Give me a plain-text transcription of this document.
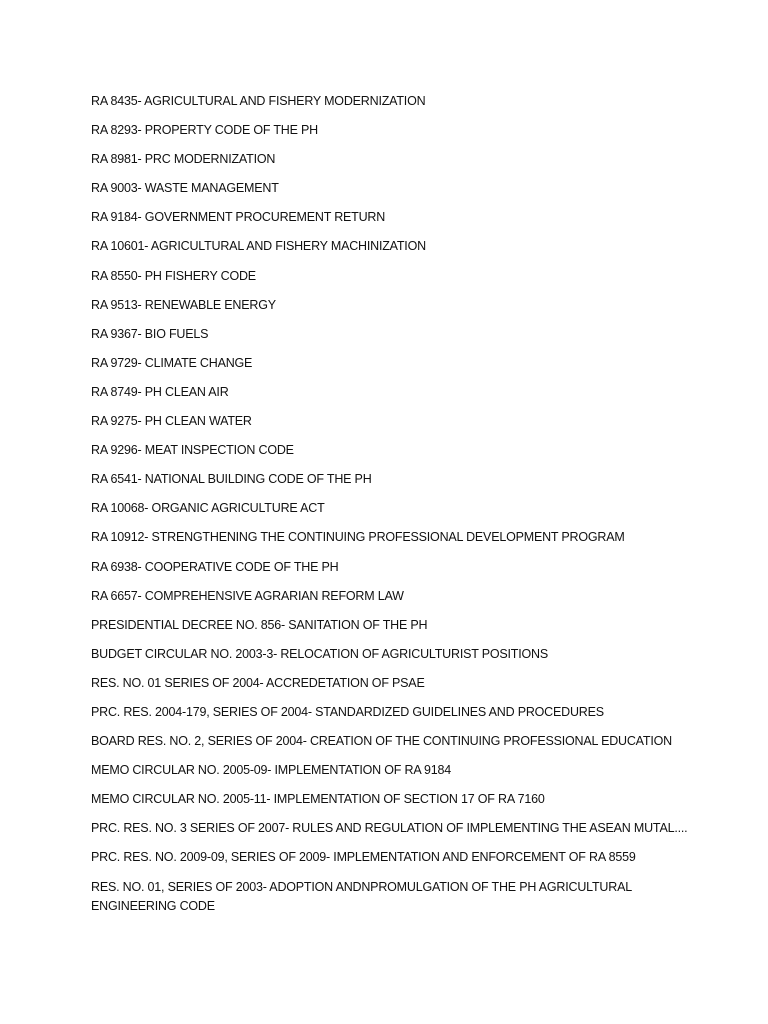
RA 8435- AGRICULTURAL AND FISHERY MODERNIZATION
RA 8293- PROPERTY CODE OF THE PH
RA 8981- PRC MODERNIZATION
RA 9003- WASTE MANAGEMENT
RA 9184- GOVERNMENT PROCUREMENT RETURN
RA 10601- AGRICULTURAL AND FISHERY MACHINIZATION
RA 8550- PH FISHERY CODE
RA 9513- RENEWABLE ENERGY
RA 9367- BIO FUELS
RA 9729- CLIMATE CHANGE
RA 8749- PH CLEAN AIR
RA 9275- PH CLEAN WATER
RA 9296- MEAT INSPECTION CODE
RA 6541- NATIONAL BUILDING CODE OF THE PH
RA 10068- ORGANIC AGRICULTURE ACT
RA 10912- STRENGTHENING THE CONTINUING PROFESSIONAL DEVELOPMENT PROGRAM
RA 6938- COOPERATIVE CODE OF THE PH
RA 6657- COMPREHENSIVE AGRARIAN REFORM LAW
PRESIDENTIAL DECREE NO. 856- SANITATION OF THE PH
BUDGET CIRCULAR NO. 2003-3- RELOCATION OF AGRICULTURIST POSITIONS
RES. NO. 01 SERIES OF 2004- ACCREDETATION OF PSAE
PRC. RES. 2004-179, SERIES OF 2004- STANDARDIZED GUIDELINES AND PROCEDURES
BOARD RES. NO. 2, SERIES OF 2004- CREATION OF THE CONTINUING PROFESSIONAL EDUCATION
MEMO CIRCULAR NO. 2005-09- IMPLEMENTATION OF RA 9184
MEMO CIRCULAR NO. 2005-11- IMPLEMENTATION OF SECTION 17 OF RA 7160
PRC. RES. NO. 3 SERIES OF 2007- RULES AND REGULATION OF IMPLEMENTING THE ASEAN MUTAL....
PRC. RES. NO. 2009-09, SERIES OF 2009- IMPLEMENTATION AND ENFORCEMENT OF RA 8559
RES. NO. 01, SERIES OF 2003- ADOPTION ANDNPROMULGATION OF THE PH AGRICULTURAL ENGINEERING CODE
